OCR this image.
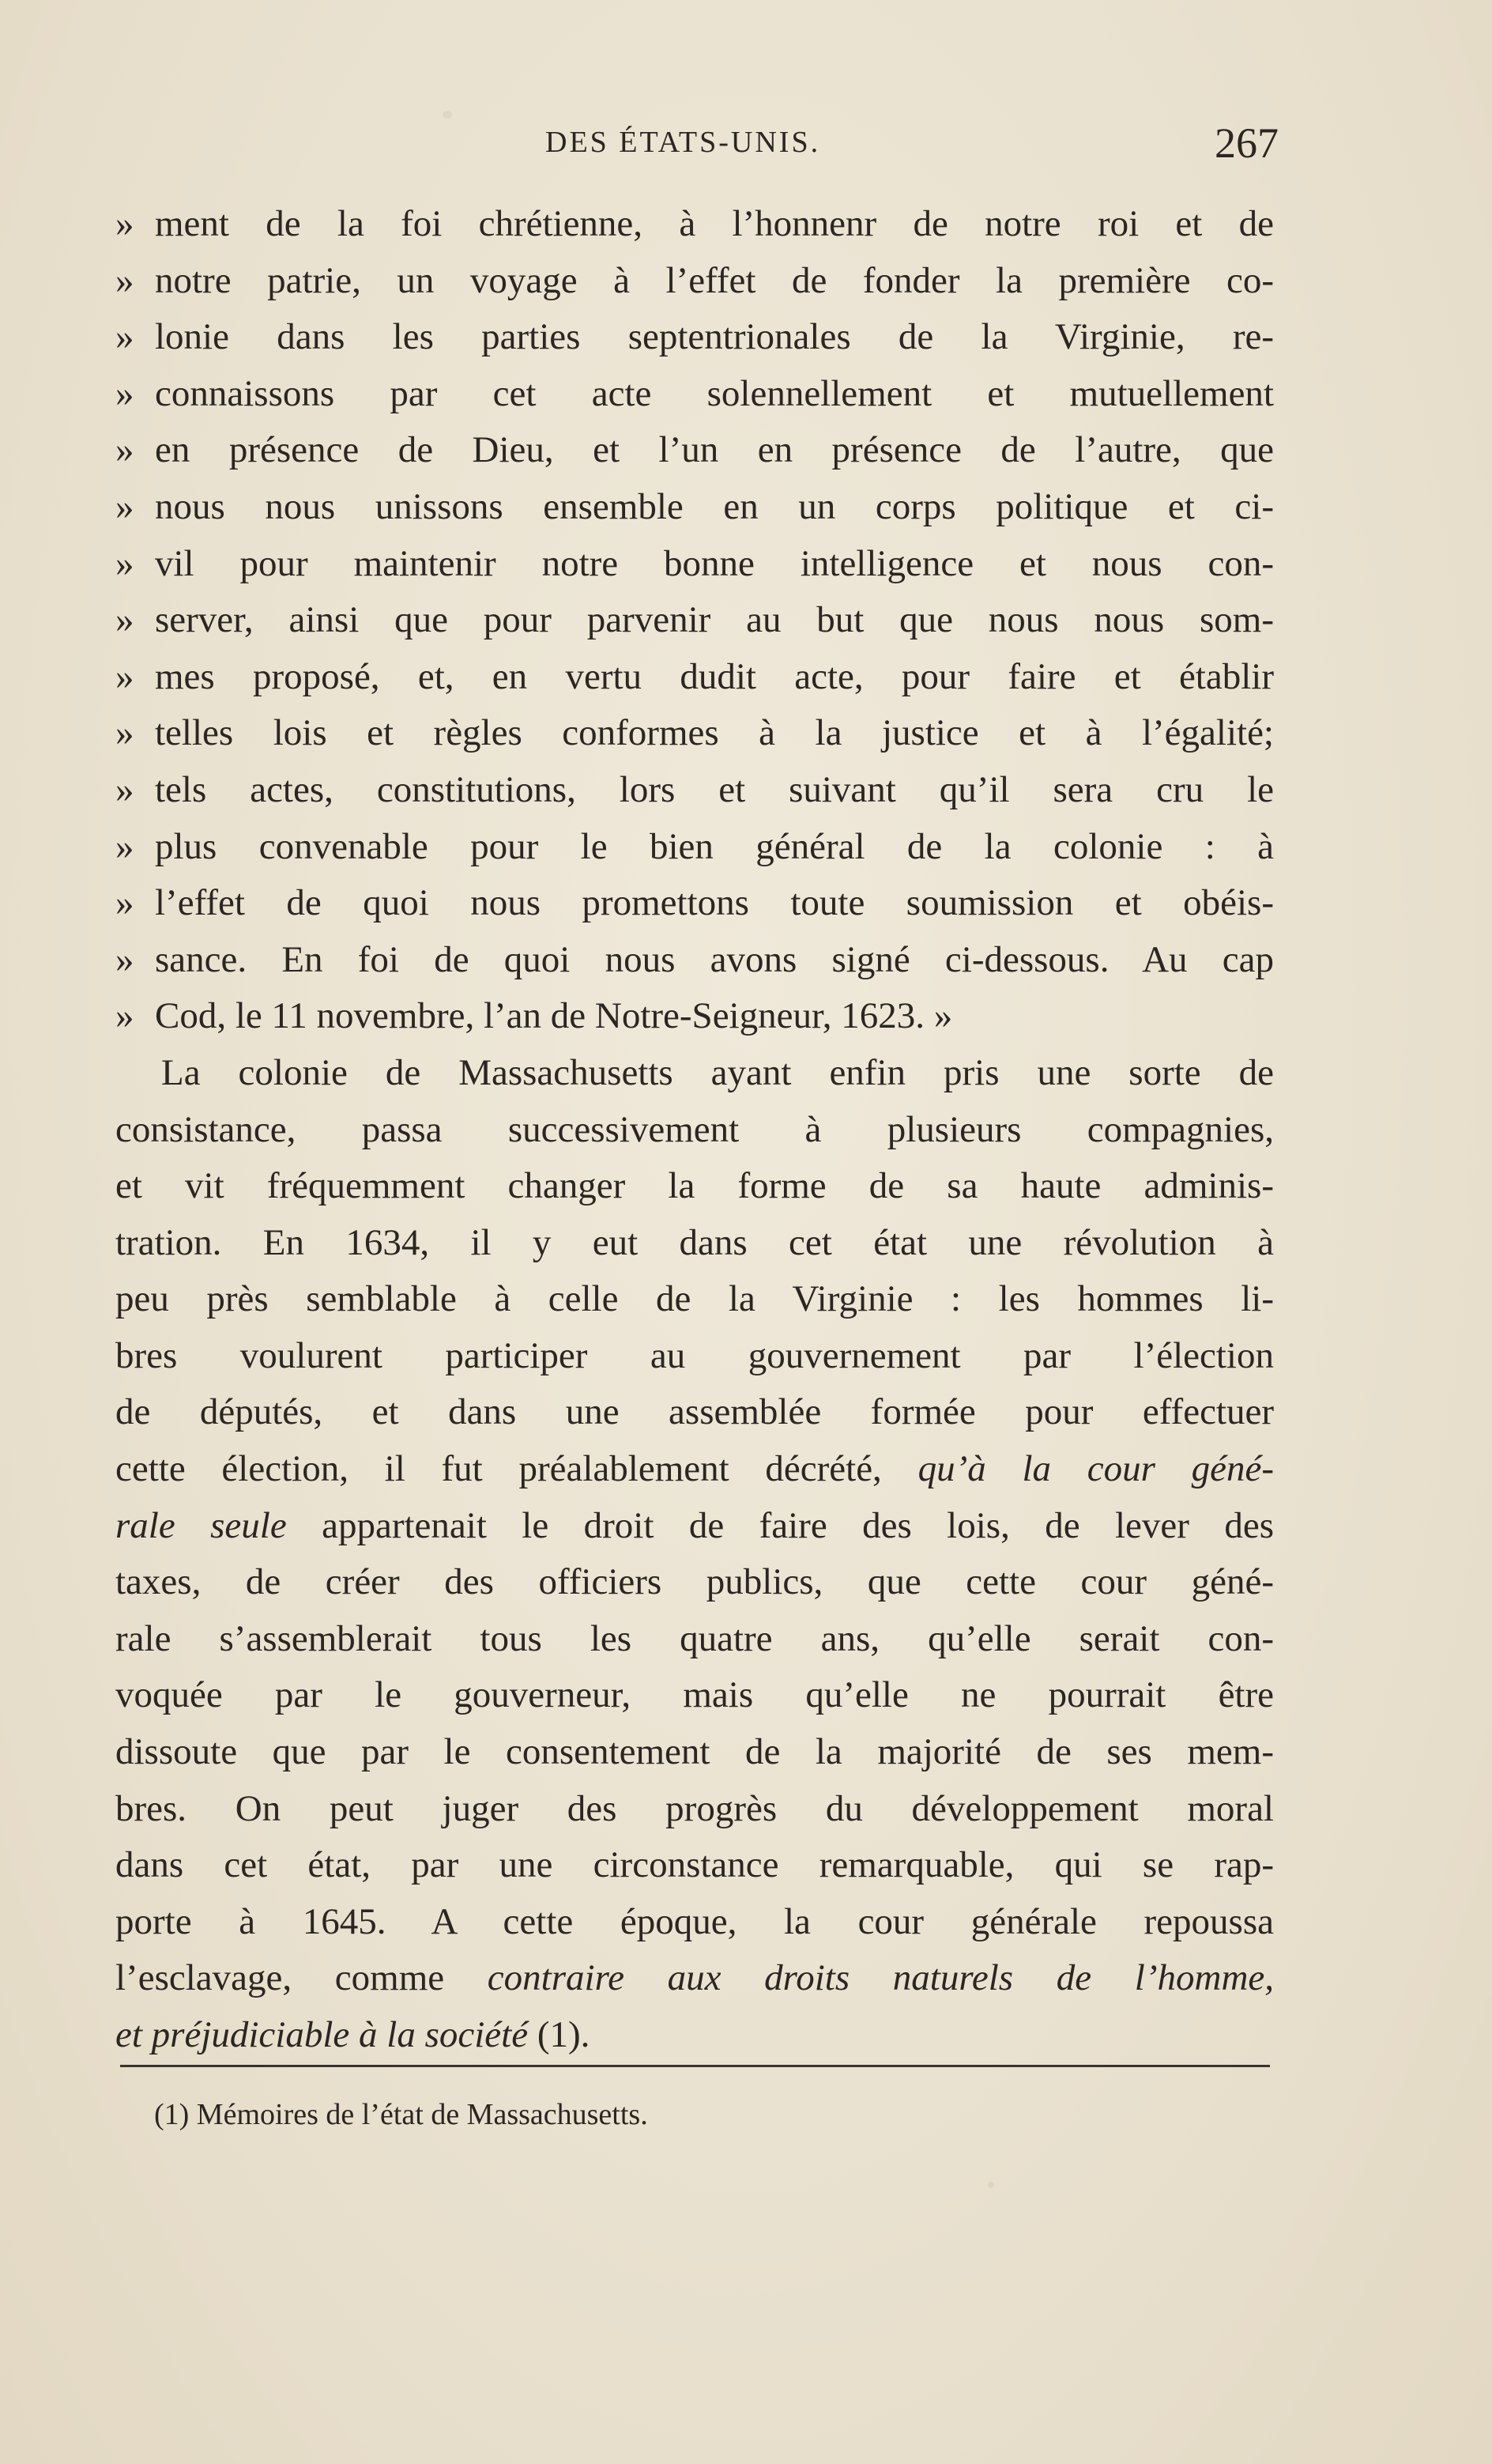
DES ÉTATS-UNIS.	267
» ment de la foi chrétienne, à l’honnenr de notre roi et de
» notre patrie, un voyage à l’effet de fonder la première co-
» lonie dans les parties septentrionales de la Virginie, re-
» connaissons par cet acte solennellement et mutuellement
» en présence de Dieu, et l’un en présence de l’autre, que
» nous nous unissons ensemble en un corps politique et ci-
» vil pour maintenir notre bonne intelligence et nous con-
» server, ainsi que pour parvenir au but que nous nous som-
» mes proposé, et, en vertu dudit acte, pour faire et établir
» telles lois et règles conformes à la justice et à l’égalité;
» tels actes, constitutions, lors et suivant qu’il sera cru le
» plus convenable pour le bien général de la colonie : à
» l’effet de quoi nous promettons toute soumission et obéis-
» sance. En foi de quoi nous avons signé ci-dessous. Au cap
» Cod, le 11 novembre, l’an de Notre-Seigneur, 1623. »
La colonie de Massachusetts ayant enfin pris une sorte de
consistance, passa successivement à plusieurs compagnies,
et vit fréquemment changer la forme de sa haute adminis-
tration. En 1634, il y eut dans cet état une révolution à
peu près semblable à celle de la Virginie : les hommes li-
bres voulurent participer au gouvernement par l’élection
de députés, et dans une assemblée formée pour effectuer
cette élection, il fut préalablement décrété, qu’à la cour géné-
rale seule appartenait le droit de faire des lois, de lever des
taxes, de créer des officiers publics, que cette cour géné-
rale s’assemblerait tous les quatre ans, qu’elle serait con-
voquée par le gouverneur, mais qu’elle ne pourrait être
dissoute que par le consentement de la majorité de ses mem-
bres. On peut juger des progrès du développement moral
dans cet état, par une circonstance remarquable, qui se rap-
porte à 1645. A cette époque, la cour générale repoussa
l’esclavage, comme contraire aux droits naturels de l’homme,
et préjudiciable à la société (1).
(1) Mémoires de l’état de Massachusetts.
